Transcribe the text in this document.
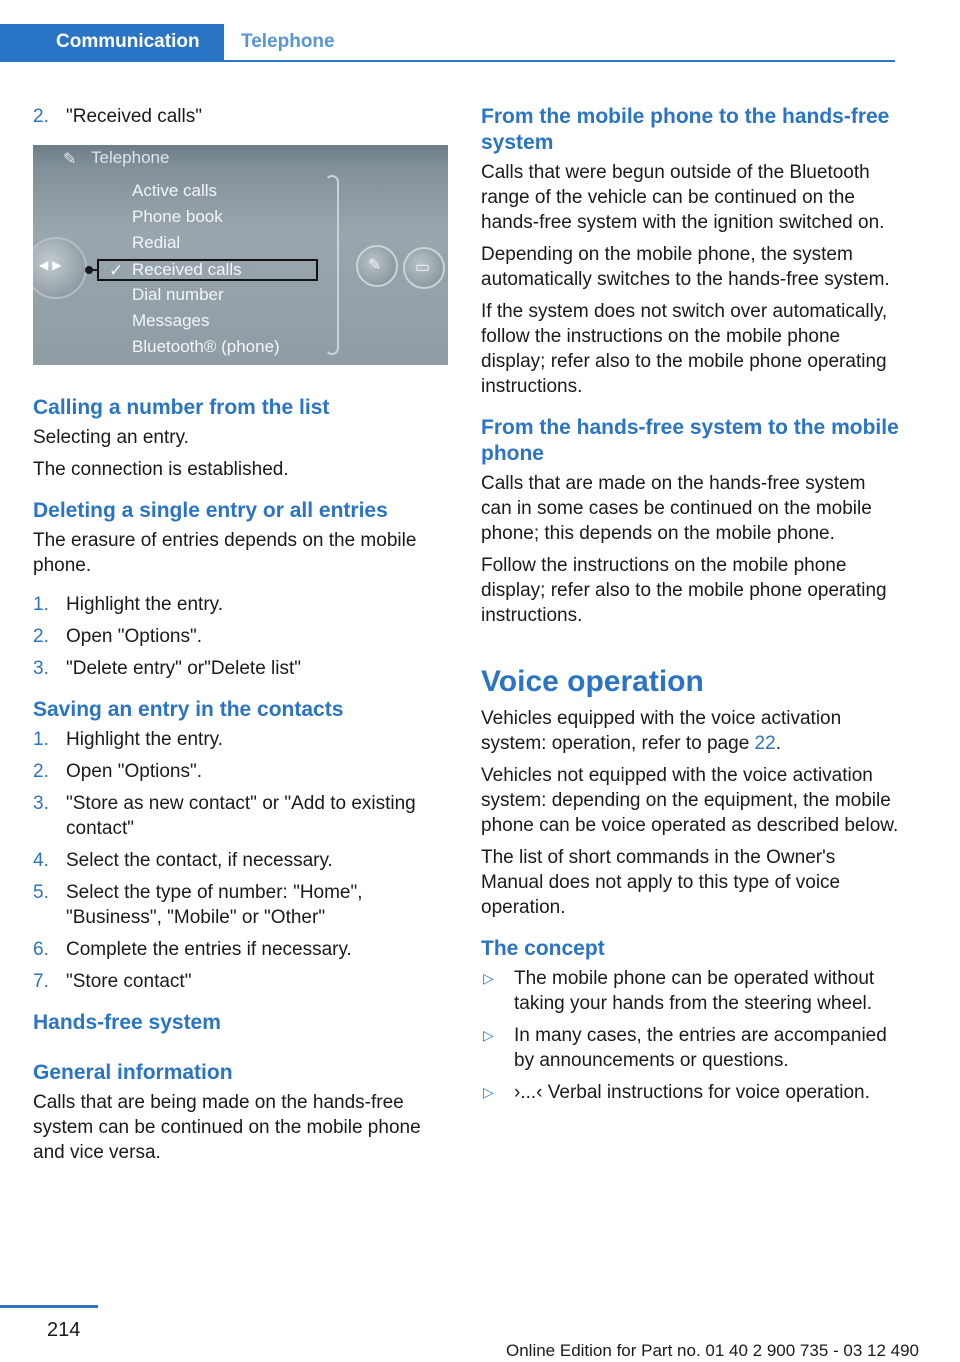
Communication	Telephone
2. "Received calls"
✎ Telephone
◀▶
Active calls
Phone book
Redial
✓ Received calls
Dial number
Messages
Bluetooth® (phone)
✎ ▭
Calling a number from the list

Selecting an entry.

The connection is established.

Deleting a single entry or all entries

The erasure of entries depends on the mobile phone.

1. Highlight the entry.
2. Open "Options".
3. "Delete entry" or"Delete list"
Saving an entry in the contacts
1. Highlight the entry.
2. Open "Options".
3. "Store as new contact" or "Add to existing contact"
4. Select the contact, if necessary.
5. Select the type of number: "Home", "Business", "Mobile" or "Other"
6. Complete the entries if necessary.
7. "Store contact"
Hands-free system
General information

Calls that are being made on the hands-free system can be continued on the mobile phone and vice versa.

From the mobile phone to the hands-free system

Calls that were begun outside of the Bluetooth range of the vehicle can be continued on the hands-free system with the ignition switched on.

Depending on the mobile phone, the system automatically switches to the hands-free system.

If the system does not switch over automatically, follow the instructions on the mobile phone display; refer also to the mobile phone operating instructions.

From the hands-free system to the mobile phone

Calls that are made on the hands-free system can in some cases be continued on the mobile phone; this depends on the mobile phone.

Follow the instructions on the mobile phone display; refer also to the mobile phone operating instructions.

Voice operation

Vehicles equipped with the voice activation system: operation, refer to page 22.

Vehicles not equipped with the voice activation system: depending on the equipment, the mobile phone can be voice operated as described below.

The list of short commands in the Owner's Manual does not apply to this type of voice operation.

The concept
▷ The mobile phone can be operated without taking your hands from the steering wheel.
▷ In many cases, the entries are accompanied by announcements or questions.
▷ ›...‹ Verbal instructions for voice operation.
214
Online Edition for Part no. 01 40 2 900 735 - 03 12 490
